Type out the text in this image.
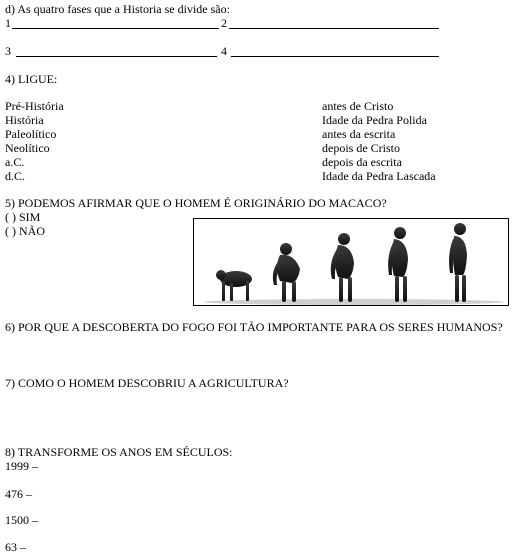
d) As quatro fases que a Historia se divide são:
1	2
3	4
4) LIGUE:
Pré-História
História
Paleolítico
Neolítico
a.C.
d.C.
antes de Cristo
Idade da Pedra Polida
antes da escrita
depois de Cristo
depois da escrita
Idade da Pedra Lascada
5) PODEMOS AFIRMAR QUE O HOMEM É ORIGINÁRIO DO MACACO?
( ) SIM
( ) NÃO
6) POR QUE A DESCOBERTA DO FOGO FOI TÃO IMPORTANTE PARA OS SERES HUMANOS?
7) COMO O HOMEM DESCOBRIU A AGRICULTURA?
8) TRANSFORME OS ANOS EM SÉCULOS:
1999 –
476 –
1500 –
63 –
